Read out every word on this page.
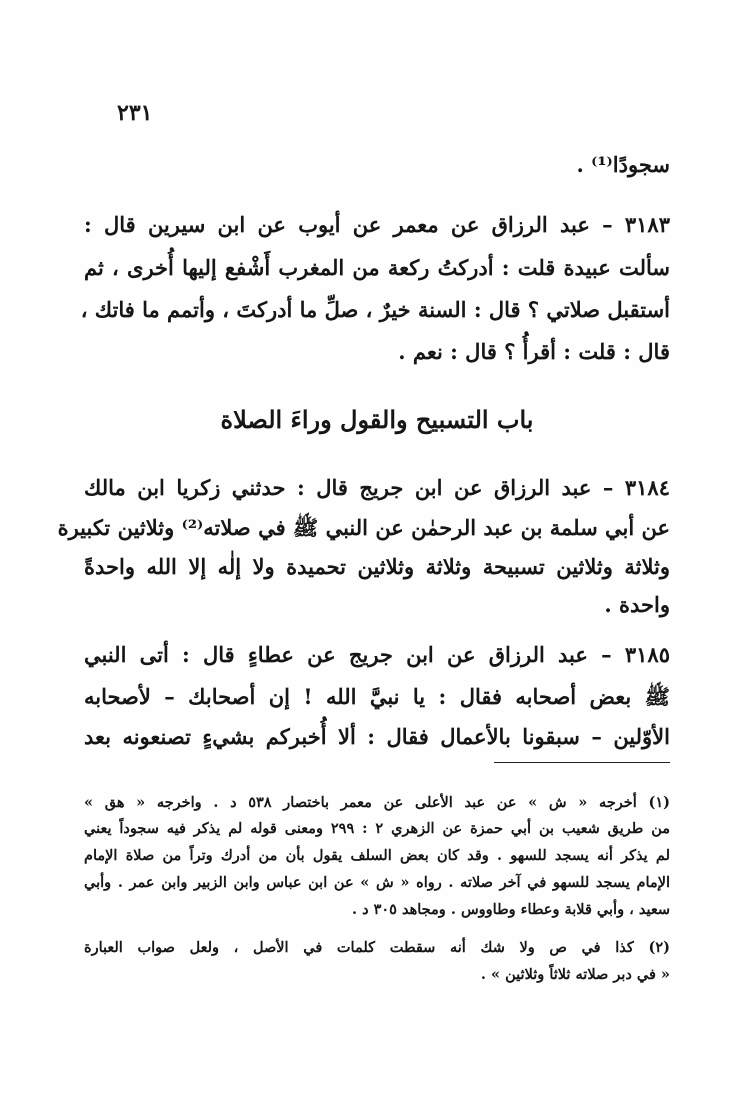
٢٣١
سجودًا⁽¹⁾ .
٣١٨٣ – عبد الرزاق عن معمر عن أيوب عن ابن سيرين قال :
سألت عبيدة قلت : أدركتُ ركعة من المغرب أَشْفع إليها أُخرى ، ثم
أستقبل صلاتي ؟ قال : السنة خيرٌ ، صلِّ ما أدركتَ ، وأتمم ما فاتك ،
قال : قلت : أقرأُ ؟ قال : نعم .
باب التسبيح والقول وراءَ الصلاة
٣١٨٤ – عبد الرزاق عن ابن جريج قال : حدثني زكريا ابن مالك
عن أبي سلمة بن عبد الرحمٰن عن النبي ﷺ في صلاته⁽²⁾ وثلاثين تكبيرة
وثلاثة وثلاثين تسبيحة وثلاثة وثلاثين تحميدة ولا إلٰه إلا الله واحدةً
واحدة .
٣١٨٥ – عبد الرزاق عن ابن جريج عن عطاءٍ قال : أتى النبي
ﷺ بعض أصحابه فقال : يا نبيَّ الله ! إن أصحابك – لأصحابه
الأوّلين – سبقونا بالأعمال فقال : ألا أُخبركم بشيءٍ تصنعونه بعد
(١) أخرجه « ش » عن عبد الأعلى عن معمر باختصار ٥٣٨ د . واخرجه « هق »
من طريق شعيب بن أبي حمزة عن الزهري ٢ : ٢٩٩ ومعنى قوله لم يذكر فيه سجوداً يعني
لم يذكر أنه يسجد للسهو . وقد كان بعض السلف يقول بأن من أدرك وتراً من صلاة الإمام
الإمام يسجد للسهو في آخر صلاته . رواه « ش » عن ابن عباس وابن الزبير وابن عمر . وأبي
سعيد ، وأبي قلابة وعطاء وطاووس . ومجاهد ٣٠٥ د .
(٢) كذا في ص ولا شك أنه سقطت كلمات في الأصل ، ولعل صواب العبارة
« في دبر صلاته ثلاثاً وثلاثين » .
